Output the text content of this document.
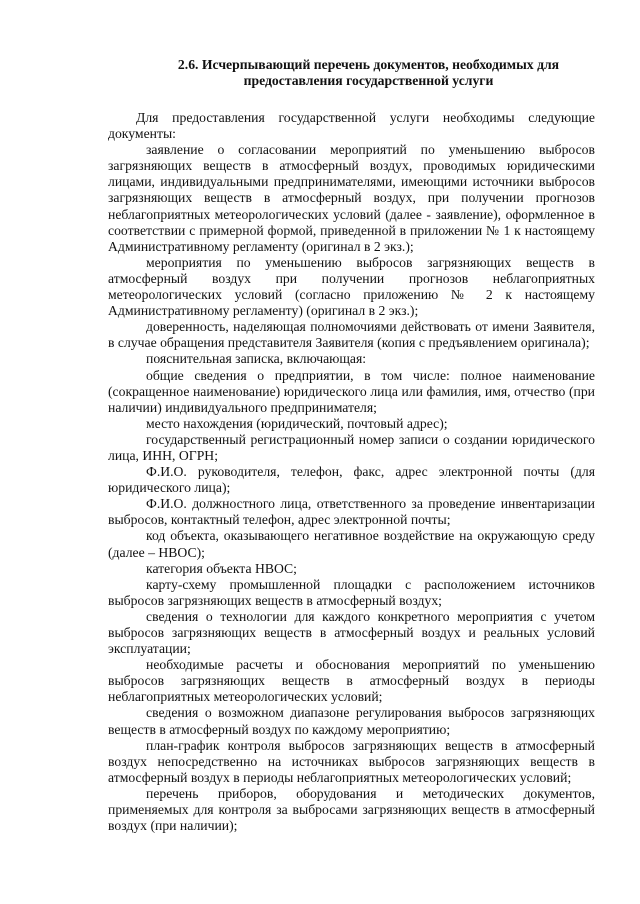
2.6. Исчерпывающий перечень документов, необходимых для
предоставления государственной услуги

Для предоставления государственной услуги необходимы следующие документы:

заявление о согласовании мероприятий по уменьшению выбросов загрязняющих веществ в атмосферный воздух, проводимых юридическими лицами, индивидуальными предпринимателями, имеющими источники выбросов загрязняющих веществ в атмосферный воздух, при получении прогнозов неблагоприятных метеорологических условий (далее - заявление), оформленное в соответствии с примерной формой, приведенной в приложении № 1 к настоящему Административному регламенту (оригинал в 2 экз.);

мероприятия по уменьшению выбросов загрязняющих веществ в атмосферный воздух при получении прогнозов неблагоприятных метеорологических условий (согласно приложению № 2 к настоящему Административному регламенту) (оригинал в 2 экз.);

доверенность, наделяющая полномочиями действовать от имени Заявителя, в случае обращения представителя Заявителя (копия с предъявлением оригинала);

пояснительная записка, включающая:

общие сведения о предприятии, в том числе: полное наименование (сокращенное наименование) юридического лица или фамилия, имя, отчество (при наличии) индивидуального предпринимателя;

место нахождения (юридический, почтовый адрес);

государственный регистрационный номер записи о создании юридического лица, ИНН, ОГРН;

Ф.И.О. руководителя, телефон, факс, адрес электронной почты (для юридического лица);

Ф.И.О. должностного лица, ответственного за проведение инвентаризации выбросов, контактный телефон, адрес электронной почты;

код объекта, оказывающего негативное воздействие на окружающую среду (далее – НВОС);

категория объекта НВОС;

карту-схему промышленной площадки с расположением источников выбросов загрязняющих веществ в атмосферный воздух;

сведения о технологии для каждого конкретного мероприятия с учетом выбросов загрязняющих веществ в атмосферный воздух и реальных условий эксплуатации;

необходимые расчеты и обоснования мероприятий по уменьшению выбросов загрязняющих веществ в атмосферный воздух в периоды неблагоприятных метеорологических условий;

сведения о возможном диапазоне регулирования выбросов загрязняющих веществ в атмосферный воздух по каждому мероприятию;

план-график контроля выбросов загрязняющих веществ в атмосферный воздух непосредственно на источниках выбросов загрязняющих веществ в атмосферный воздух в периоды неблагоприятных метеорологических условий;

перечень приборов, оборудования и методических документов, применяемых для контроля за выбросами загрязняющих веществ в атмосферный воздух (при наличии);
